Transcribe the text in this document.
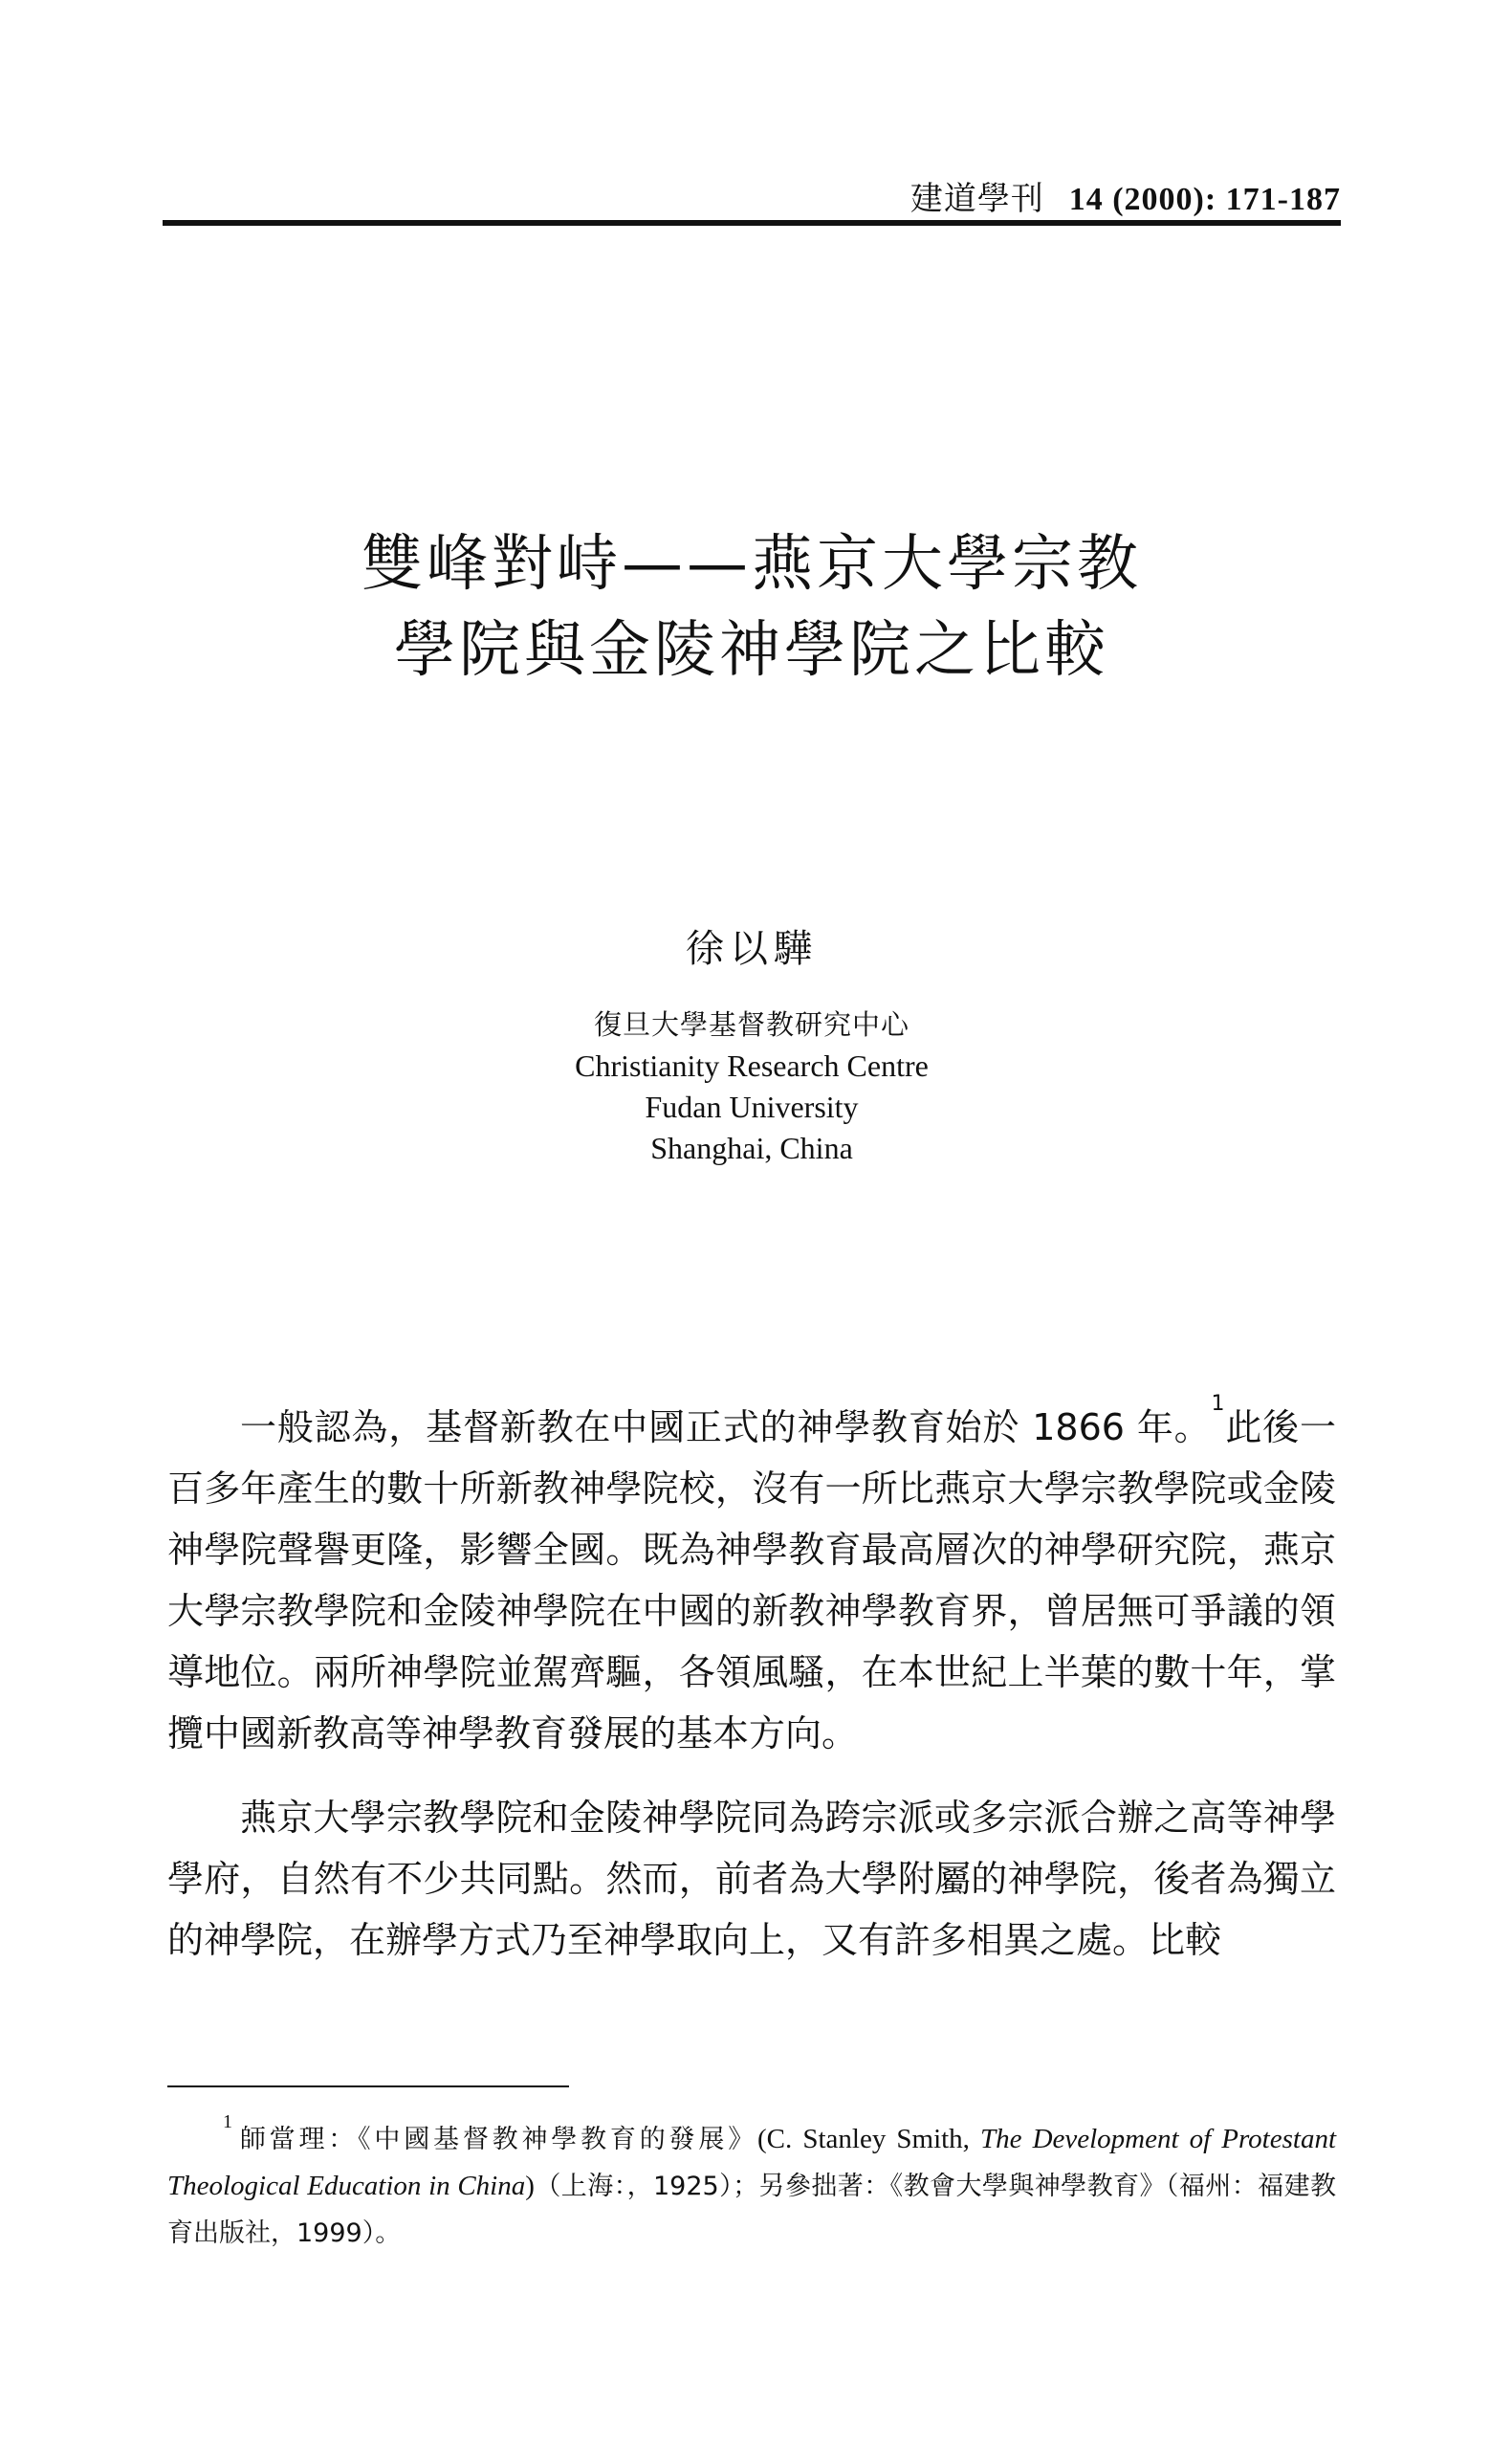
建道學刊 14 (2000): 171-187
雙峰對峙——燕京大學宗教
學院與金陵神學院之比較
徐以驊
復旦大學基督教研究中心
Christianity Research Centre
Fudan University
Shanghai, China

一般認為，基督新教在中國正式的神學教育始於 1866 年。$^1$此後一百多年產生的數十所新教神學院校，沒有一所比燕京大學宗教學院或金陵神學院聲譽更隆，影響全國。既為神學教育最高層次的神學研究院，燕京大學宗教學院和金陵神學院在中國的新教神學教育界，曾居無可爭議的領導地位。兩所神學院並駕齊驅，各領風騷，在本世紀上半葉的數十年，掌攬中國新教高等神學教育發展的基本方向。

燕京大學宗教學院和金陵神學院同為跨宗派或多宗派合辦之高等神學學府，自然有不少共同點。然而，前者為大學附屬的神學院，後者為獨立的神學院，在辦學方式乃至神學取向上，又有許多相異之處。比較

$^1$師當理：《中國基督教神學教育的發展》(C. Stanley Smith, The Development of Protestant Theological Education in China)（上海：，1925）；另參拙著：《教會大學與神學教育》（福州：福建教育出版社，1999）。
